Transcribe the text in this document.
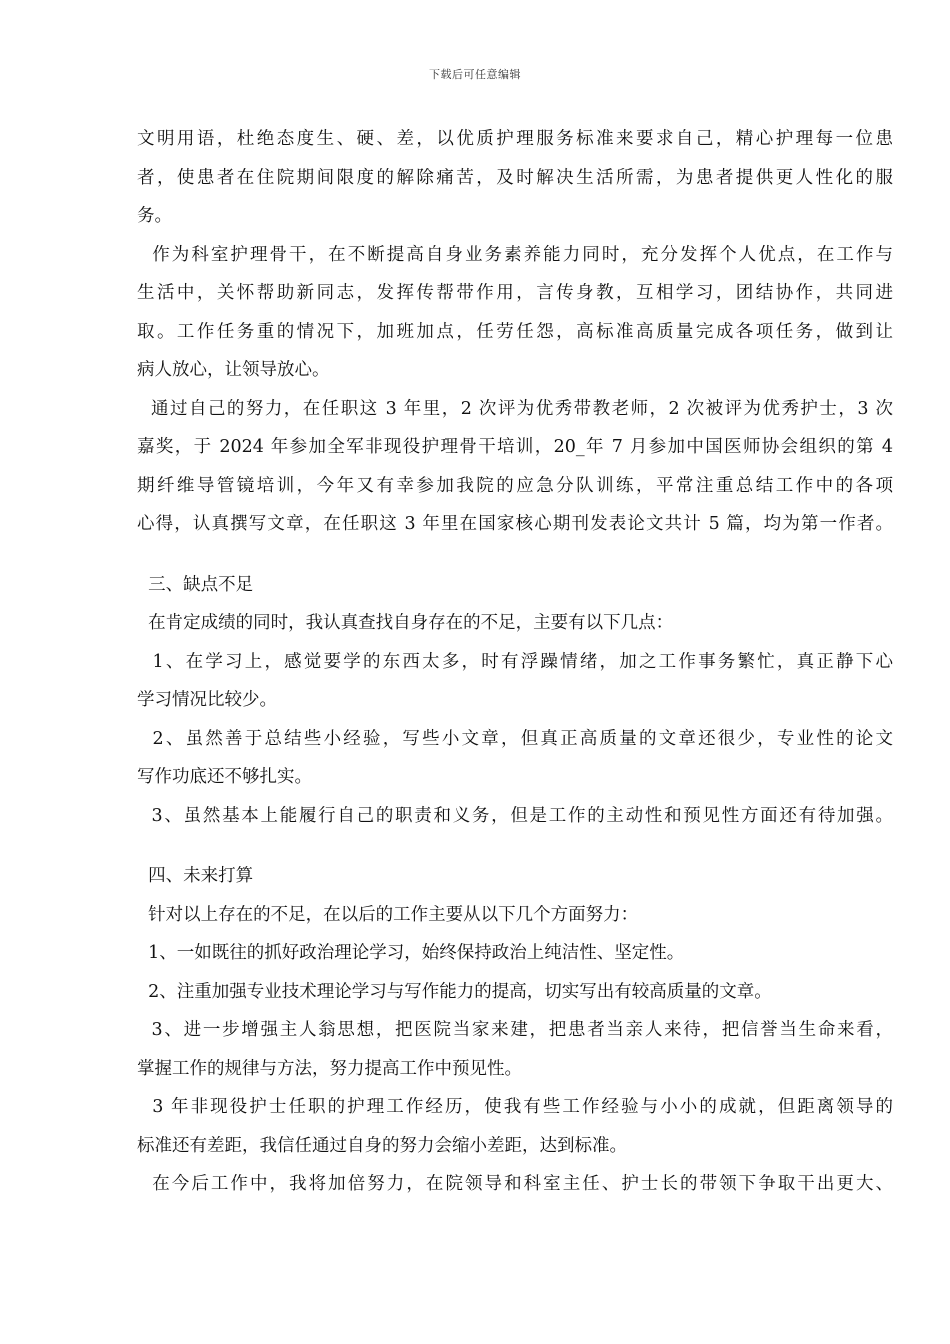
下载后可任意编辑
文明用语，杜绝态度生、硬、差，以优质护理服务标准来要求自己，精心护理每一位患
者，使患者在住院期间限度的解除痛苦，及时解决生活所需，为患者提供更人性化的服
务。
作为科室护理骨干，在不断提高自身业务素养能力同时，充分发挥个人优点，在工作与
生活中，关怀帮助新同志，发挥传帮带作用，言传身教，互相学习，团结协作，共同进
取。工作任务重的情况下，加班加点，任劳任怨，高标准高质量完成各项任务，做到让
病人放心，让领导放心。
通过自己的努力，在任职这 3 年里，2 次评为优秀带教老师，2 次被评为优秀护士，3 次
嘉奖，于 2024 年参加全军非现役护理骨干培训，20_年 7 月参加中国医师协会组织的第 4
期纤维导管镜培训，今年又有幸参加我院的应急分队训练，平常注重总结工作中的各项
心得，认真撰写文章，在任职这 3 年里在国家核心期刊发表论文共计 5 篇，均为第一作者。
三、缺点不足
在肯定成绩的同时，我认真查找自身存在的不足，主要有以下几点：
1、在学习上，感觉要学的东西太多，时有浮躁情绪，加之工作事务繁忙，真正静下心
学习情况比较少。
2、虽然善于总结些小经验，写些小文章，但真正高质量的文章还很少，专业性的论文
写作功底还不够扎实。
3、虽然基本上能履行自己的职责和义务，但是工作的主动性和预见性方面还有待加强。
四、未来打算
针对以上存在的不足，在以后的工作主要从以下几个方面努力：
1、一如既往的抓好政治理论学习，始终保持政治上纯洁性、坚定性。
2、注重加强专业技术理论学习与写作能力的提高，切实写出有较高质量的文章。
3、进一步增强主人翁思想，把医院当家来建，把患者当亲人来待，把信誉当生命来看，
掌握工作的规律与方法，努力提高工作中预见性。
3 年非现役护士任职的护理工作经历，使我有些工作经验与小小的成就，但距离领导的
标准还有差距，我信任通过自身的努力会缩小差距，达到标准。
在今后工作中，我将加倍努力，在院领导和科室主任、护士长的带领下争取干出更大、
